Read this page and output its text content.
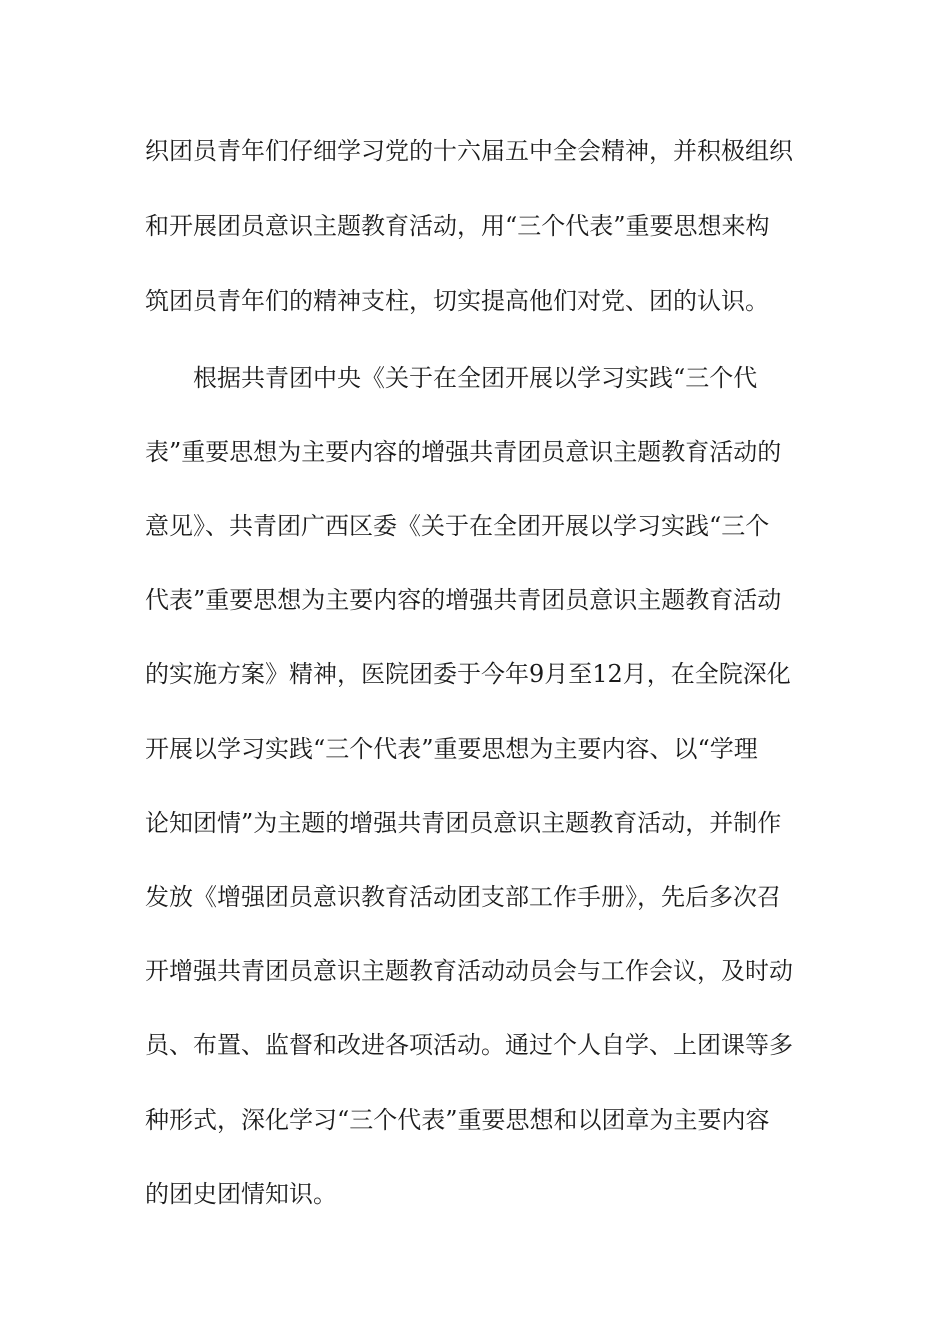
织团员青年们仔细学习党的十六届五中全会精神，并积极组织
和开展团员意识主题教育活动，用“三个代表”重要思想来构
筑团员青年们的精神支柱，切实提高他们对党、团的认识。
根据共青团中央《关于在全团开展以学习实践“三个代
表”重要思想为主要内容的增强共青团员意识主题教育活动的
意见》、共青团广西区委《关于在全团开展以学习实践“三个
代表”重要思想为主要内容的增强共青团员意识主题教育活动
的实施方案》精神，医院团委于今年9月至12月，在全院深化
开展以学习实践“三个代表”重要思想为主要内容、以“学理
论知团情”为主题的增强共青团员意识主题教育活动，并制作
发放《增强团员意识教育活动团支部工作手册》，先后多次召
开增强共青团员意识主题教育活动动员会与工作会议，及时动
员、布置、监督和改进各项活动。通过个人自学、上团课等多
种形式，深化学习“三个代表”重要思想和以团章为主要内容
的团史团情知识。
